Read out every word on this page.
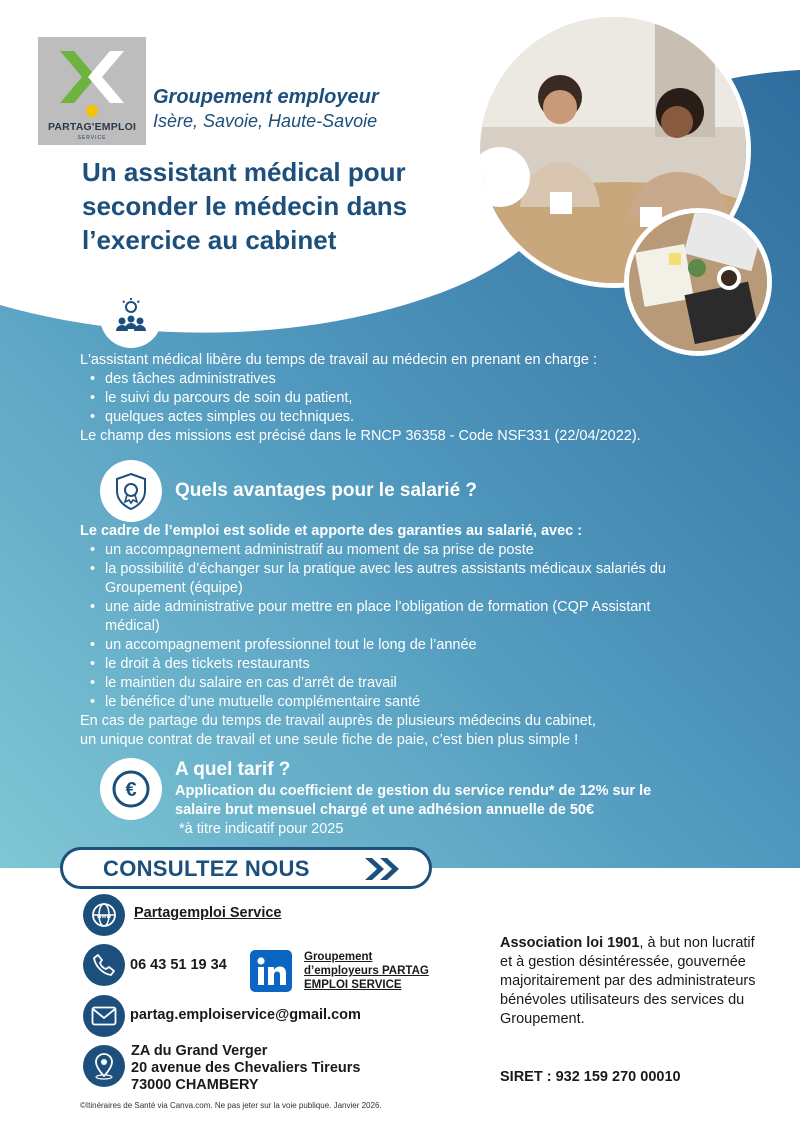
PARTAG'EMPLOI
SERVICE
Groupement employeur
Isère, Savoie, Haute-Savoie
Un assistant médical pour
seconder le médecin dans
l’exercice au cabinet
Les missions
L'assistant médical libère du temps de travail au médecin en prenant en charge :
• des tâches administratives
• le suivi du parcours de soin du patient,
• quelques actes simples ou techniques.
Le champ des missions est précisé dans le RNCP 36358 - Code NSF331 (22/04/2022).
Quels avantages pour le salarié ?
Le cadre de l’emploi est solide et apporte des garanties au salarié, avec :
• un accompagnement administratif au moment de sa prise de poste
• la possibilité d’échanger sur la pratique avec les autres assistants médicaux salariés du Groupement (équipe)
• une aide administrative pour mettre en place l’obligation de formation (CQP Assistant médical)
• un accompagnement professionnel tout le long de l’année
• le droit à des tickets restaurants
• le maintien du salaire en cas d’arrêt de travail
• le bénéfice d’une mutuelle complémentaire santé
En cas de partage du temps de travail auprès de plusieurs médecins du cabinet,
un unique contrat de travail et une seule fiche de paie, c’est bien plus simple !
€
A quel tarif ?
Application du coefficient de gestion du service rendu* de 12% sur le
salaire brut mensuel chargé et une adhésion annuelle de 50€
*à titre indicatif pour 2025
CONSULTEZ NOUS
www Partagemploi Service
06 43 51 19 34	Groupement
d’employeurs PARTAG
EMPLOI SERVICE
partag.emploiservice@gmail.com
ZA du Grand Verger
20 avenue des Chevaliers Tireurs
73000 CHAMBERY
Association loi 1901, à but non lucratif et à gestion désintéressée, gouvernée majoritairement par des administrateurs bénévoles utilisateurs des services du Groupement.
SIRET : 932 159 270 00010
©Itinéraires de Santé via Canva.com. Ne pas jeter sur la voie publique. Janvier 2026.
